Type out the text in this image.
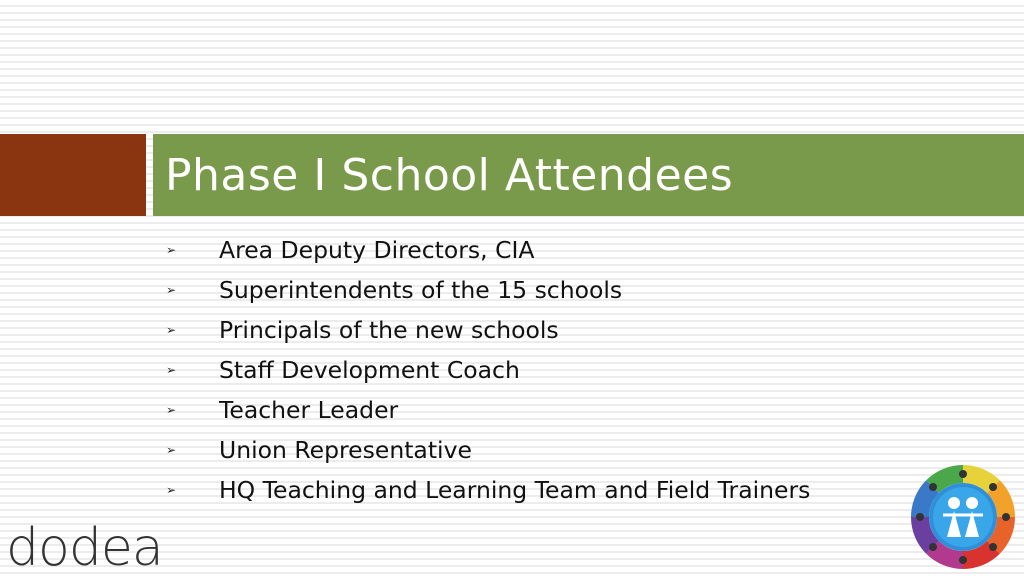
Phase I School Attendees
➢	Area Deputy Directors, CIA
➢	Superintendents of the 15 schools
➢	Principals of the new schools
➢	Staff Development Coach
➢	Teacher Leader
➢	Union Representative
➢	HQ Teaching and Learning Team and Field Trainers
dodea
